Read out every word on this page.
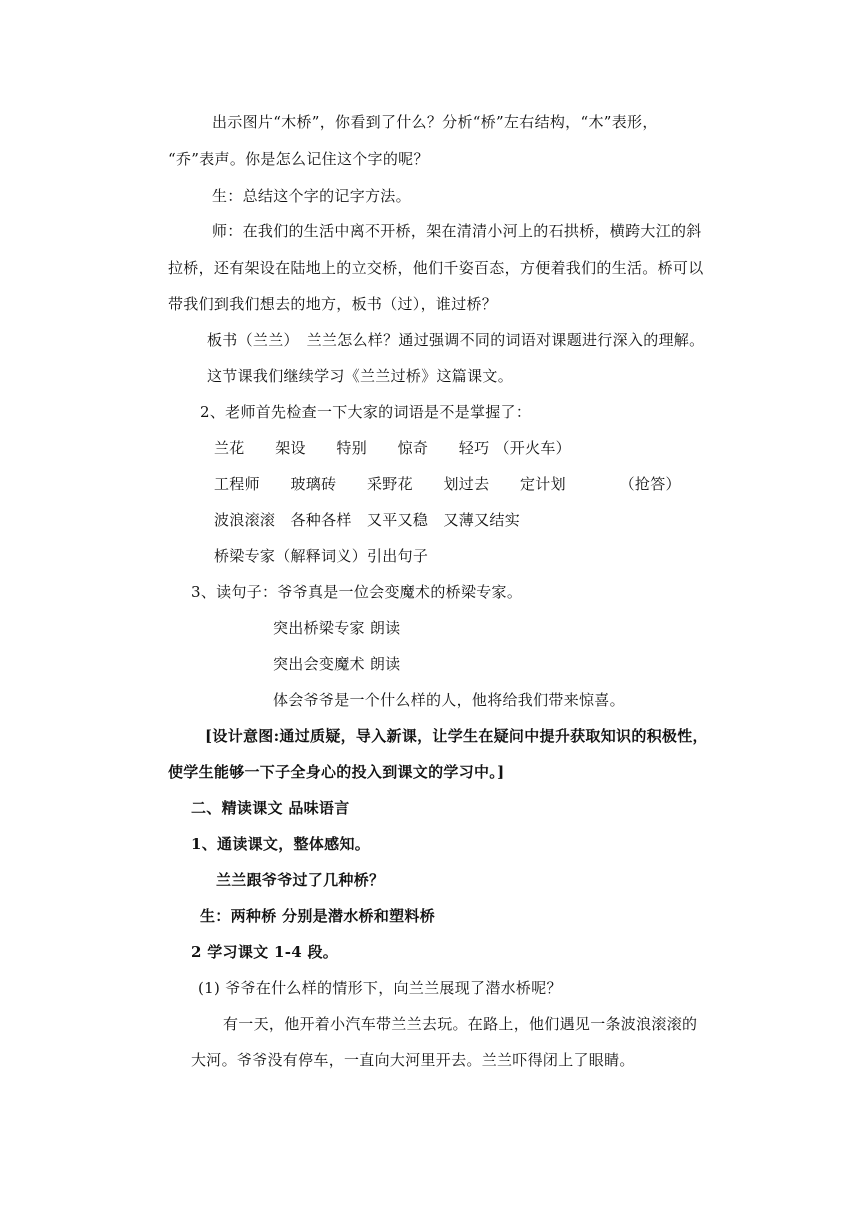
出示图片“木桥”，你看到了什么？分析“桥”左右结构，“木”表形，
“乔”表声。你是怎么记住这个字的呢？
生：总结这个字的记字方法。
师：在我们的生活中离不开桥，架在清清小河上的石拱桥，横跨大江的斜
拉桥，还有架设在陆地上的立交桥，他们千姿百态，方便着我们的生活。桥可以
带我们到我们想去的地方，板书（过），谁过桥？
板书（兰兰）　兰兰怎么样？通过强调不同的词语对课题进行深入的理解。
这节课我们继续学习《兰兰过桥》这篇课文。
2、老师首先检查一下大家的词语是不是掌握了：
兰花　　架设　　特别　　惊奇　　轻巧 （开火车）
工程师　　玻璃砖　　采野花　　划过去　　定计划　　　　（抢答）
波浪滚滚　各种各样　又平又稳　又薄又结实
桥梁专家（解释词义）引出句子
3、读句子：爷爷真是一位会变魔术的桥梁专家。
突出桥梁专家 朗读
突出会变魔术 朗读
体会爷爷是一个什么样的人，他将给我们带来惊喜。
[设计意图:通过质疑，导入新课，让学生在疑问中提升获取知识的积极性，
使学生能够一下子全身心的投入到课文的学习中。]
二、精读课文 品味语言
1、通读课文，整体感知。
兰兰跟爷爷过了几种桥？
生：两种桥 分别是潜水桥和塑料桥
2 学习课文 1-4 段。
(1) 爷爷在什么样的情形下，向兰兰展现了潜水桥呢？
有一天，他开着小汽车带兰兰去玩。在路上，他们遇见一条波浪滚滚的
大河。爷爷没有停车，一直向大河里开去。兰兰吓得闭上了眼睛。
